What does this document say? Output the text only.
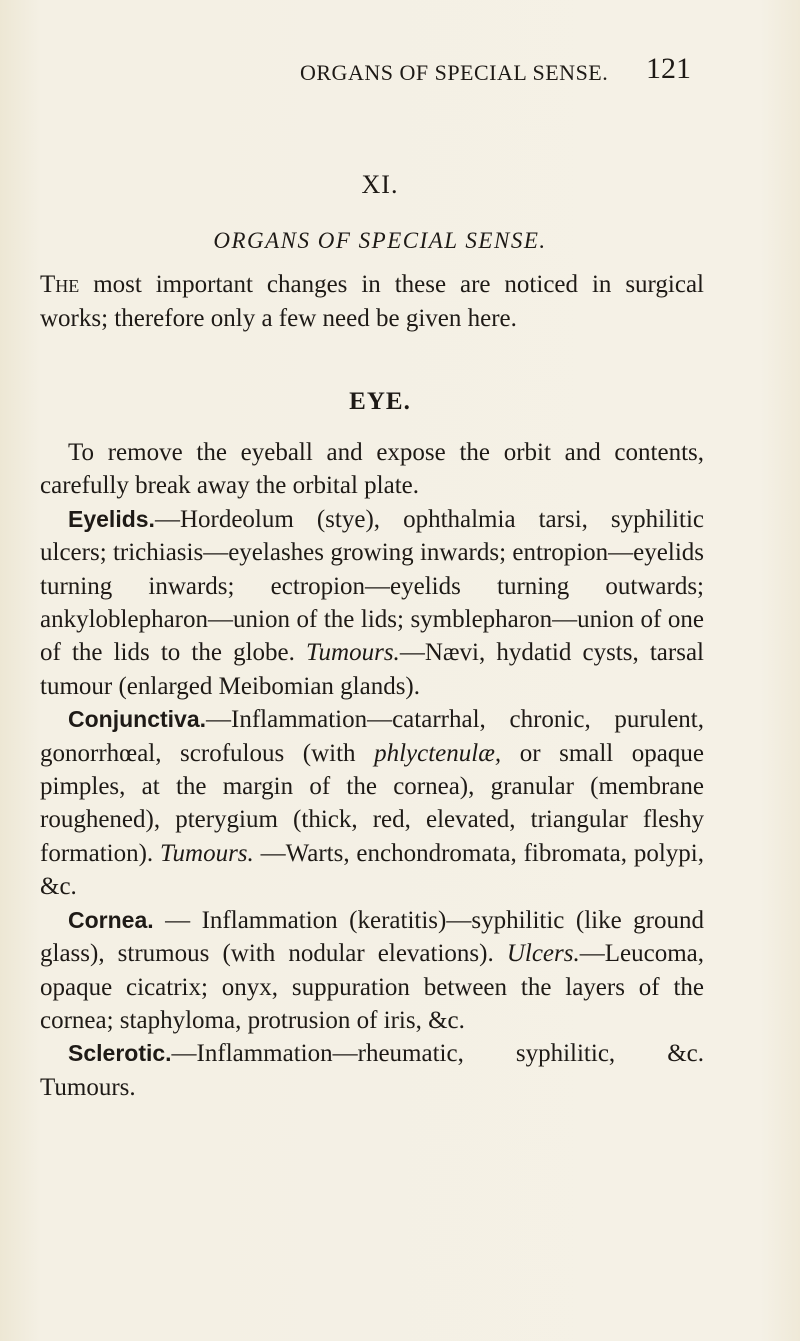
ORGANS OF SPECIAL SENSE. 121
XI.
ORGANS OF SPECIAL SENSE.
The most important changes in these are noticed in surgical works; therefore only a few need be given here.
EYE.

To remove the eyeball and expose the orbit and contents, carefully break away the orbital plate.

Eyelids.—Hordeolum (stye), ophthalmia tarsi, syphilitic ulcers; trichiasis—eyelashes growing inwards; entropion—eyelids turning inwards; ectropion—eyelids turning outwards; ankyloblepharon—union of the lids; symblepharon—union of one of the lids to the globe. Tumours.—Nævi, hydatid cysts, tarsal tumour (enlarged Meibomian glands).

Conjunctiva.—Inflammation—catarrhal, chronic, purulent, gonorrhœal, scrofulous (with phlyctenulæ, or small opaque pimples, at the margin of the cornea), granular (membrane roughened), pterygium (thick, red, elevated, triangular fleshy formation). Tumours. —Warts, enchondromata, fibromata, polypi, &c.

Cornea. — Inflammation (keratitis)—syphilitic (like ground glass), strumous (with nodular elevations). Ulcers.—Leucoma, opaque cicatrix; onyx, suppuration between the layers of the cornea; staphyloma, protrusion of iris, &c.

Sclerotic.—Inflammation—rheumatic, syphilitic, &c. Tumours.
